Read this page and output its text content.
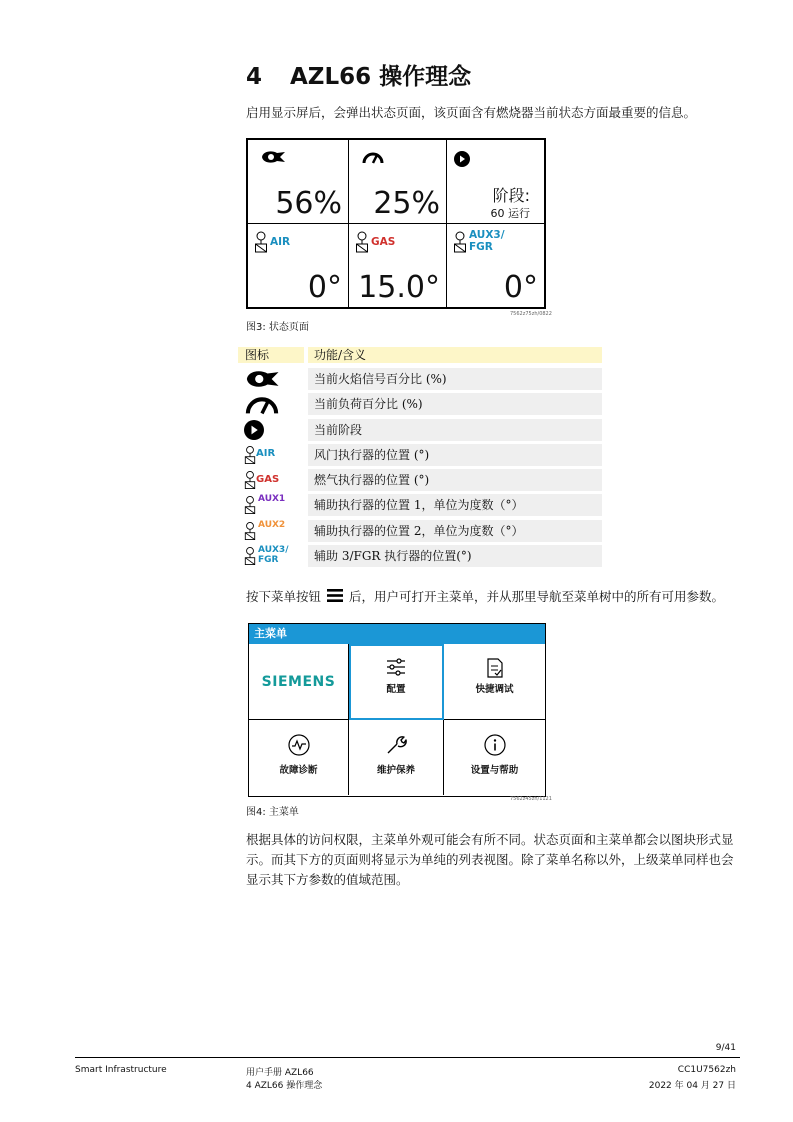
4 AZL66 操作理念
启用显示屏后，会弹出状态页面，该页面含有燃烧器当前状态方面最重要的信息。
56% 25%	阶段:
60 运行
AIR
0°
GAS
15.0°
AUX3/
FGR
0°
7562z75zh/0822
图3: 状态页面
图标	功能/含义
当前火焰信号百分比 (%)
当前负荷百分比 (%)
当前阶段
AIR	风门执行器的位置 (°)
GAS	燃气执行器的位置 (°)
AUX1	辅助执行器的位置 1，单位为度数（°）
AUX2	辅助执行器的位置 2，单位为度数（°）
AUX3/
FGR	辅助 3/FGR 执行器的位置(°)
按下菜单按钮 后，用户可打开主菜单，并从那里导航至菜单树中的所有可用参数。
主菜单
SIEMENS	配置	快捷调试
故障诊断	维护保养	设置与帮助
7562z45zh/1121
图4: 主菜单
根据具体的访问权限，主菜单外观可能会有所不同。状态页面和主菜单都会以图块形式显示。而其下方的页面则将显示为单纯的列表视图。除了菜单名称以外，上级菜单同样也会显示其下方参数的值域范围。
9/41
Smart Infrastructure	用户手册 AZL66
4 AZL66 操作理念
CC1U7562zh
2022 年 04 月 27 日
